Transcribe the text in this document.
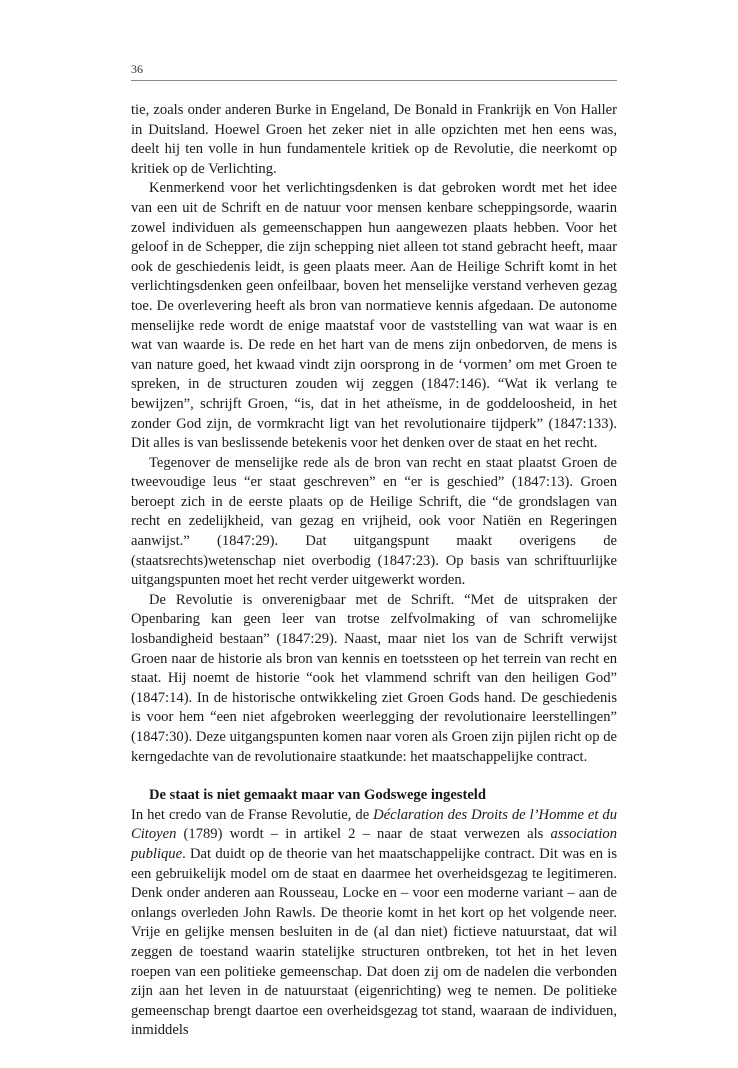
36

tie, zoals onder anderen Burke in Engeland, De Bonald in Frankrijk en Von Haller in Duitsland. Hoewel Groen het zeker niet in alle opzichten met hen eens was, deelt hij ten volle in hun fundamentele kritiek op de Revolutie, die neerkomt op kritiek op de Verlichting.

Kenmerkend voor het verlichtingsdenken is dat gebroken wordt met het idee van een uit de Schrift en de natuur voor mensen kenbare scheppingsorde, waarin zowel individuen als gemeenschappen hun aangewezen plaats hebben. Voor het geloof in de Schepper, die zijn schepping niet alleen tot stand gebracht heeft, maar ook de geschiedenis leidt, is geen plaats meer. Aan de Heilige Schrift komt in het verlichtingsdenken geen onfeilbaar, boven het menselijke verstand verheven gezag toe. De overlevering heeft als bron van normatieve kennis afgedaan. De autonome menselijke rede wordt de enige maatstaf voor de vaststelling van wat waar is en wat van waarde is. De rede en het hart van de mens zijn onbedorven, de mens is van nature goed, het kwaad vindt zijn oorsprong in de ‘vormen’ om met Groen te spreken, in de structuren zouden wij zeggen (1847:146). “Wat ik verlang te bewijzen”, schrijft Groen, “is, dat in het atheïsme, in de goddeloosheid, in het zonder God zijn, de vormkracht ligt van het revolutionaire tijdperk” (1847:133). Dit alles is van beslissende betekenis voor het denken over de staat en het recht.

Tegenover de menselijke rede als de bron van recht en staat plaatst Groen de tweevoudige leus “er staat geschreven” en “er is geschied” (1847:13). Groen beroept zich in de eerste plaats op de Heilige Schrift, die “de grondslagen van recht en zedelijkheid, van gezag en vrijheid, ook voor Natiën en Regeringen aanwijst.” (1847:29). Dat uitgangspunt maakt overigens de (staatsrechts)wetenschap niet overbodig (1847:23). Op basis van schriftuurlijke uitgangspunten moet het recht verder uitgewerkt worden.

De Revolutie is onverenigbaar met de Schrift. “Met de uitspraken der Openbaring kan geen leer van trotse zelfvolmaking of van schromelijke losbandigheid bestaan” (1847:29). Naast, maar niet los van de Schrift verwijst Groen naar de historie als bron van kennis en toetssteen op het terrein van recht en staat. Hij noemt de historie “ook het vlammend schrift van den heiligen God” (1847:14). In de historische ontwikkeling ziet Groen Gods hand. De geschiedenis is voor hem “een niet afgebroken weerlegging der revolutionaire leerstellingen” (1847:30). Deze uitgangspunten komen naar voren als Groen zijn pijlen richt op de kerngedachte van de revolutionaire staatkunde: het maatschappelijke contract.

De staat is niet gemaakt maar van Godswege ingesteld

In het credo van de Franse Revolutie, de Déclaration des Droits de l’Homme et du Citoyen (1789) wordt – in artikel 2 – naar de staat verwezen als association publique. Dat duidt op de theorie van het maatschappelijke contract. Dit was en is een gebruikelijk model om de staat en daarmee het overheidsgezag te legitimeren. Denk onder anderen aan Rousseau, Locke en – voor een moderne variant – aan de onlangs overleden John Rawls. De theorie komt in het kort op het volgende neer. Vrije en gelijke mensen besluiten in de (al dan niet) fictieve natuurstaat, dat wil zeggen de toestand waarin statelijke structuren ontbreken, tot het in het leven roepen van een politieke gemeenschap. Dat doen zij om de nadelen die verbonden zijn aan het leven in de natuurstaat (eigenrichting) weg te nemen. De politieke gemeenschap brengt daartoe een overheidsgezag tot stand, waaraan de individuen, inmiddels
